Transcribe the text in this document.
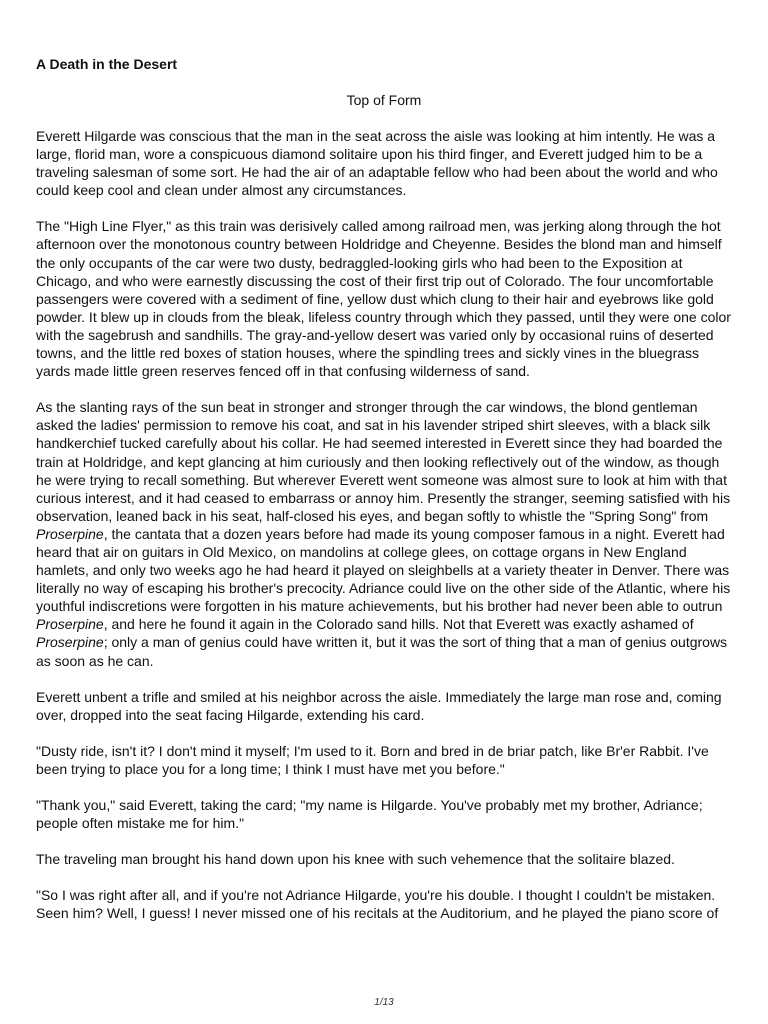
A Death in the Desert
Top of Form

Everett Hilgarde was conscious that the man in the seat across the aisle was looking at him intently. He was a large, florid man, wore a conspicuous diamond solitaire upon his third finger, and Everett judged him to be a traveling salesman of some sort. He had the air of an adaptable fellow who had been about the world and who could keep cool and clean under almost any circumstances.

The "High Line Flyer," as this train was derisively called among railroad men, was jerking along through the hot afternoon over the monotonous country between Holdridge and Cheyenne. Besides the blond man and himself the only occupants of the car were two dusty, bedraggled-looking girls who had been to the Exposition at Chicago, and who were earnestly discussing the cost of their first trip out of Colorado. The four uncomfortable passengers were covered with a sediment of fine, yellow dust which clung to their hair and eyebrows like gold powder. It blew up in clouds from the bleak, lifeless country through which they passed, until they were one color with the sagebrush and sandhills. The gray-and-yellow desert was varied only by occasional ruins of deserted towns, and the little red boxes of station houses, where the spindling trees and sickly vines in the bluegrass yards made little green reserves fenced off in that confusing wilderness of sand.

As the slanting rays of the sun beat in stronger and stronger through the car windows, the blond gentleman asked the ladies' permission to remove his coat, and sat in his lavender striped shirt sleeves, with a black silk handkerchief tucked carefully about his collar. He had seemed interested in Everett since they had boarded the train at Holdridge, and kept glancing at him curiously and then looking reflectively out of the window, as though he were trying to recall something. But wherever Everett went someone was almost sure to look at him with that curious interest, and it had ceased to embarrass or annoy him. Presently the stranger, seeming satisfied with his observation, leaned back in his seat, half-closed his eyes, and began softly to whistle the "Spring Song" from Proserpine, the cantata that a dozen years before had made its young composer famous in a night. Everett had heard that air on guitars in Old Mexico, on mandolins at college glees, on cottage organs in New England hamlets, and only two weeks ago he had heard it played on sleighbells at a variety theater in Denver. There was literally no way of escaping his brother's precocity. Adriance could live on the other side of the Atlantic, where his youthful indiscretions were forgotten in his mature achievements, but his brother had never been able to outrun Proserpine, and here he found it again in the Colorado sand hills. Not that Everett was exactly ashamed of Proserpine; only a man of genius could have written it, but it was the sort of thing that a man of genius outgrows as soon as he can.

Everett unbent a trifle and smiled at his neighbor across the aisle. Immediately the large man rose and, coming over, dropped into the seat facing Hilgarde, extending his card.

"Dusty ride, isn't it? I don't mind it myself; I'm used to it. Born and bred in de briar patch, like Br'er Rabbit. I've been trying to place you for a long time; I think I must have met you before."

"Thank you," said Everett, taking the card; "my name is Hilgarde. You've probably met my brother, Adriance; people often mistake me for him."

The traveling man brought his hand down upon his knee with such vehemence that the solitaire blazed.

"So I was right after all, and if you're not Adriance Hilgarde, you're his double. I thought I couldn't be mistaken. Seen him? Well, I guess! I never missed one of his recitals at the Auditorium, and he played the piano score of

1/13
